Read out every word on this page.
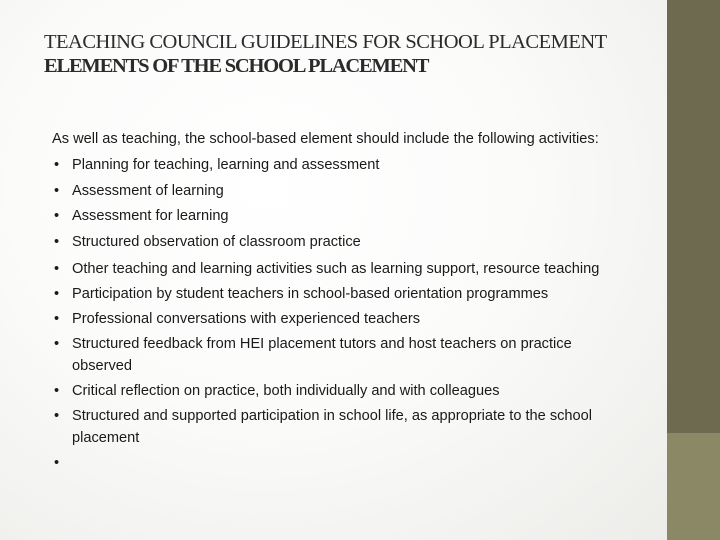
TEACHING COUNCIL GUIDELINES FOR SCHOOL PLACEMENT
ELEMENTS OF THE SCHOOL PLACEMENT
As well as teaching, the school-based element should include the following activities:
• Planning for teaching, learning and assessment
• Assessment of learning
• Assessment for learning
• Structured observation of classroom practice
• Other teaching and learning activities such as learning support, resource teaching
• Participation by student teachers in school-based orientation programmes
• Professional conversations with experienced teachers
• Structured feedback from HEI placement tutors and host teachers on practice observed
• Critical reflection on practice, both individually and with colleagues
• Structured and supported participation in school life, as appropriate to the school placement
•
